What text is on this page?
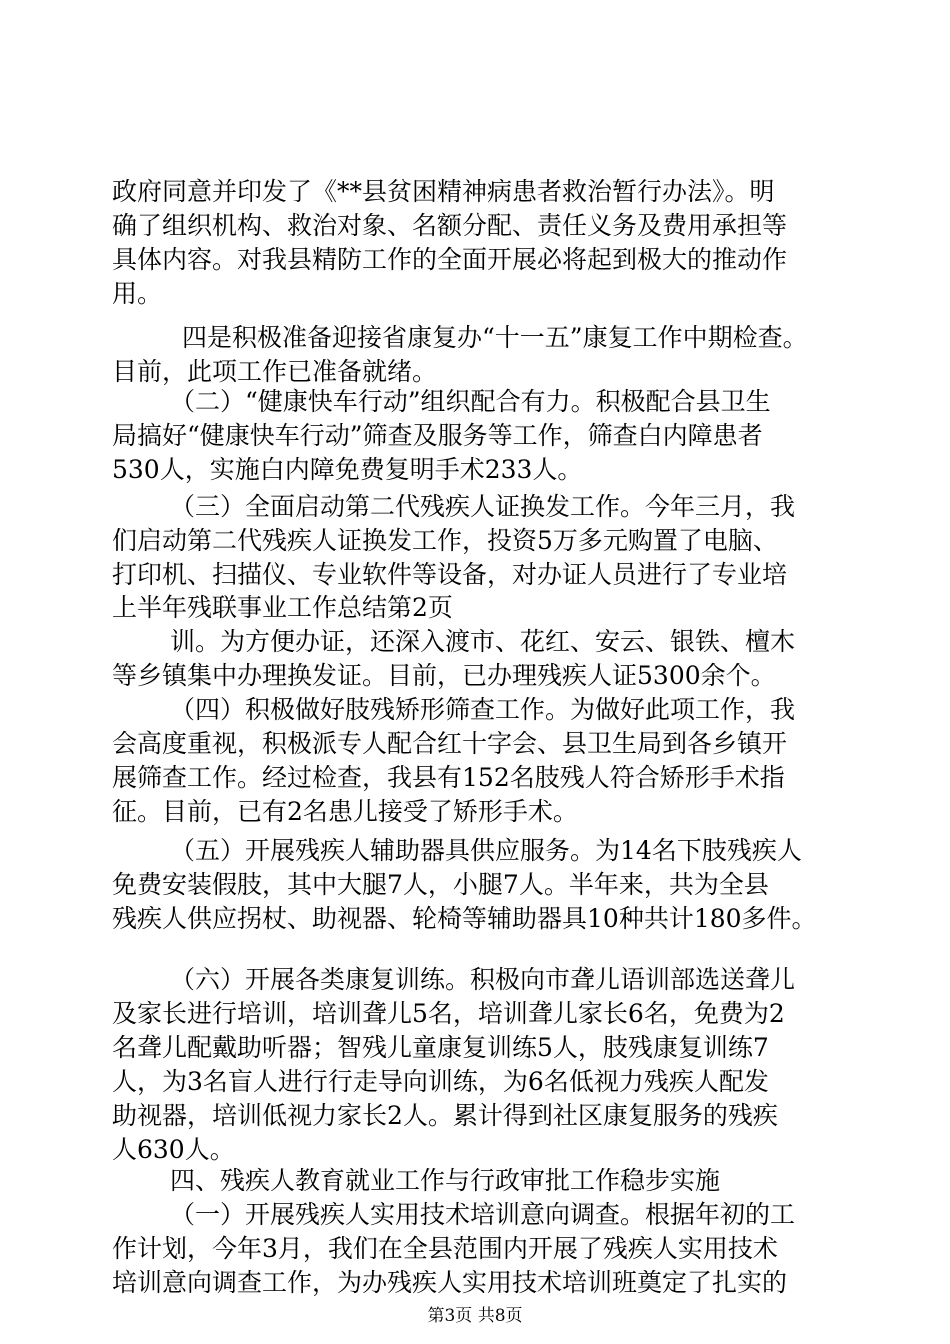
政府同意并印发了《**县贫困精神病患者救治暂行办法》。明
确了组织机构、救治对象、名额分配、责任义务及费用承担等
具体内容。对我县精防工作的全面开展必将起到极大的推动作
用。
四是积极准备迎接省康复办“十一五”康复工作中期检查。
目前，此项工作已准备就绪。
（二）“健康快车行动”组织配合有力。积极配合县卫生
局搞好“健康快车行动”筛查及服务等工作，筛查白内障患者
530人，实施白内障免费复明手术233人。
（三）全面启动第二代残疾人证换发工作。今年三月，我
们启动第二代残疾人证换发工作，投资5万多元购置了电脑、
打印机、扫描仪、专业软件等设备，对办证人员进行了专业培
上半年残联事业工作总结第2页
训。为方便办证，还深入渡市、花红、安云、银铁、檀木
等乡镇集中办理换发证。目前，已办理残疾人证5300余个。
（四）积极做好肢残矫形筛查工作。为做好此项工作，我
会高度重视，积极派专人配合红十字会、县卫生局到各乡镇开
展筛查工作。经过检查，我县有152名肢残人符合矫形手术指
征。目前，已有2名患儿接受了矫形手术。
（五）开展残疾人辅助器具供应服务。为14名下肢残疾人
免费安装假肢，其中大腿7人，小腿7人。半年来，共为全县
残疾人供应拐杖、助视器、轮椅等辅助器具10种共计180多件。
（六）开展各类康复训练。积极向市聋儿语训部选送聋儿
及家长进行培训，培训聋儿5名，培训聋儿家长6名，免费为2
名聋儿配戴助听器；智残儿童康复训练5人，肢残康复训练7
人，为3名盲人进行行走导向训练，为6名低视力残疾人配发
助视器，培训低视力家长2人。累计得到社区康复服务的残疾
人630人。
四、残疾人教育就业工作与行政审批工作稳步实施
（一）开展残疾人实用技术培训意向调查。根据年初的工
作计划，今年3月，我们在全县范围内开展了残疾人实用技术
培训意向调查工作，为办残疾人实用技术培训班奠定了扎实的
第3页 共8页
